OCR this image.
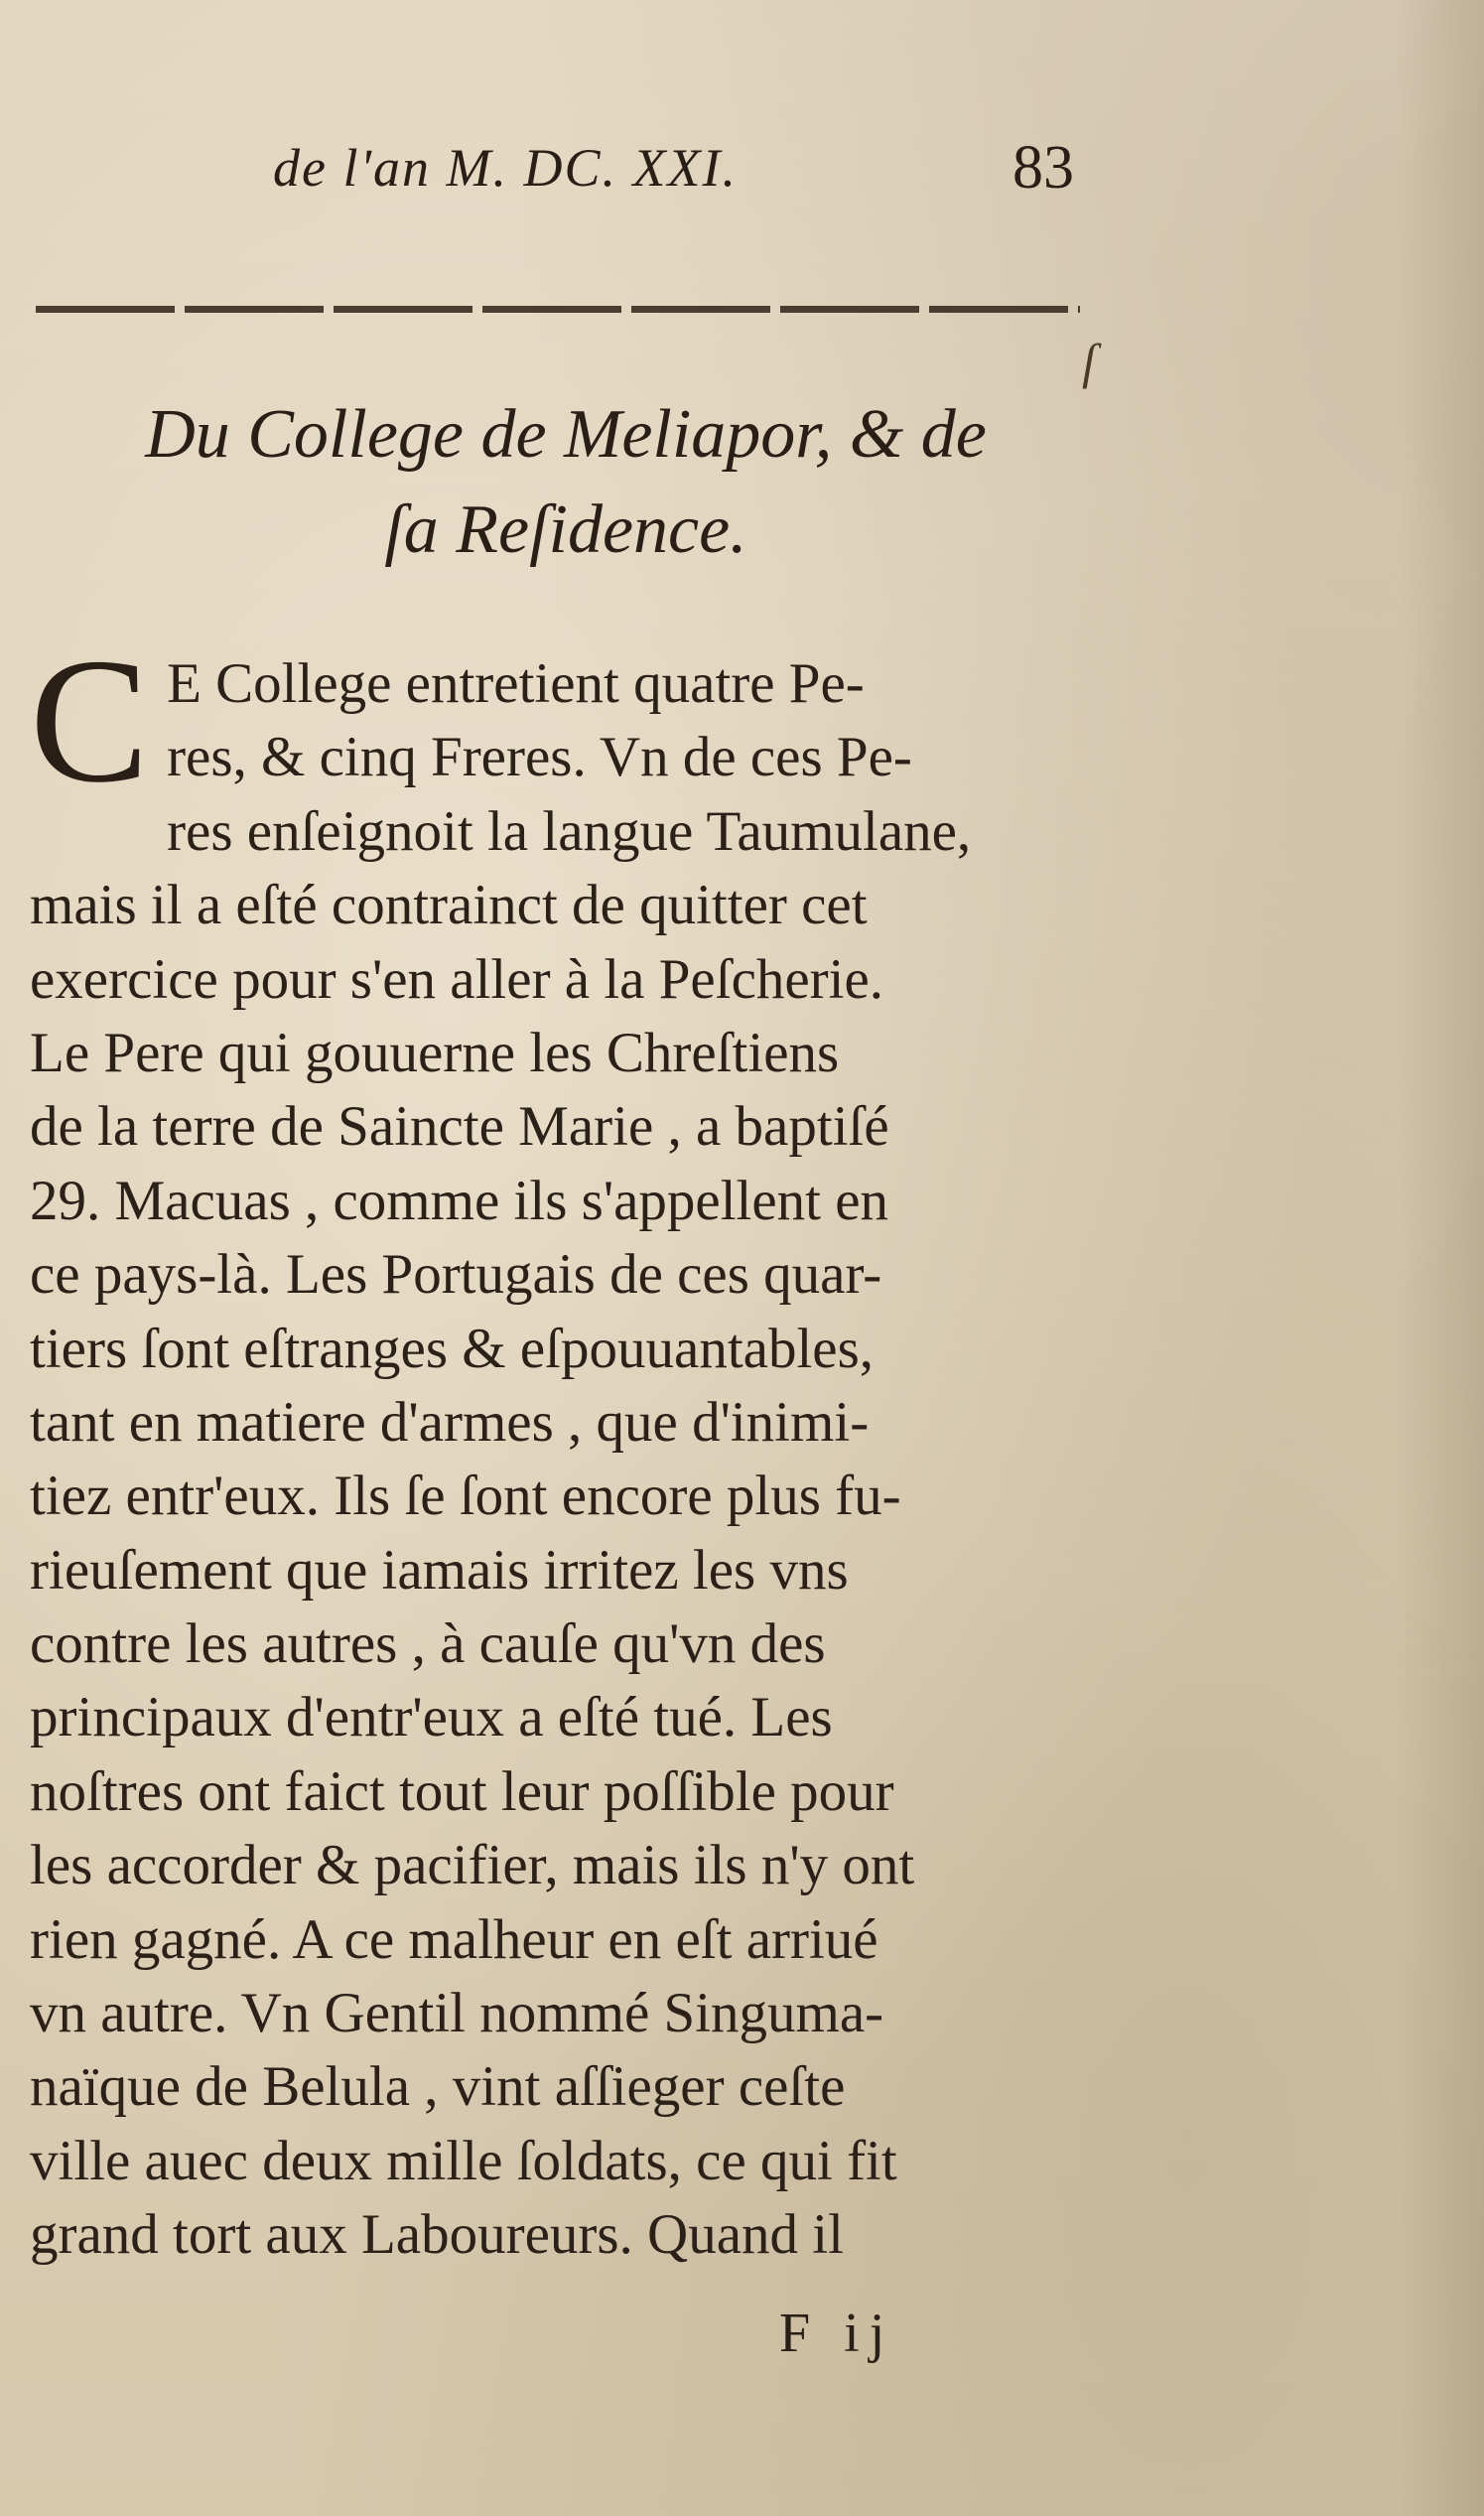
de l'an M. DC. XXI.	83
ſ
Du College de Meliapor, & de
ſa Reſidence.
C E College entretient quatre Pe-
res, & cinq Freres. Vn de ces Pe-
res enſeignoit la langue Taumulane,
mais il a eſté contrainct de quitter cet
exercice pour s'en aller à la Peſcherie.
Le Pere qui gouuerne les Chreſtiens
de la terre de Saincte Marie , a baptiſé
29. Macuas , comme ils s'appellent en
ce pays-là. Les Portugais de ces quar-
tiers ſont eſtranges & eſpouuantables,
tant en matiere d'armes , que d'inimi-
tiez entr'eux. Ils ſe ſont encore plus fu-
rieuſement que iamais irritez les vns
contre les autres , à cauſe qu'vn des
principaux d'entr'eux a eſté tué. Les
noſtres ont faict tout leur poſſible pour
les accorder & pacifier, mais ils n'y ont
rien gagné. A ce malheur en eſt arriué
vn autre. Vn Gentil nommé Singuma-
naïque de Belula , vint aſſieger ceſte
ville auec deux mille ſoldats, ce qui fit
grand tort aux Laboureurs. Quand il
F ij
